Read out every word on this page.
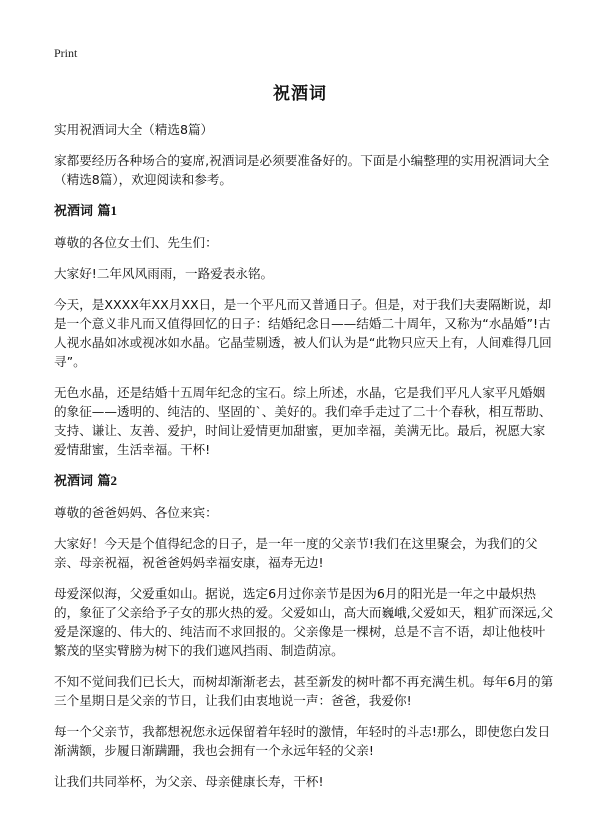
Print
祝酒词

实用祝酒词大全（精选8篇）

家都要经历各种场合的宴席,祝酒词是必须要准备好的。下面是小编整理的实用祝酒词大全（精选8篇），欢迎阅读和参考。

祝酒词 篇1

尊敬的各位女士们、先生们：

大家好!二年风风雨雨，一路爱表永铭。

今天，是XXXX年XX月XX日，是一个平凡而又普通日子。但是，对于我们夫妻隔断说，却是一个意义非凡而又值得回忆的日子：结婚纪念日——结婚二十周年，又称为“水晶婚”!古人视水晶如冰或视冰如水晶。它晶莹剔透，被人们认为是“此物只应天上有，人间难得几回寻”。

无色水晶，还是结婚十五周年纪念的宝石。综上所述，水晶，它是我们平凡人家平凡婚姻的象征——透明的、纯洁的、坚固的`、美好的。我们牵手走过了二十个春秋，相互帮助、支持、谦让、友善、爱护，时间让爱情更加甜蜜，更加幸福，美满无比。最后，祝愿大家爱情甜蜜，生活幸福。干杯!

祝酒词 篇2

尊敬的爸爸妈妈、各位来宾：

大家好！今天是个值得纪念的日子，是一年一度的父亲节!我们在这里聚会，为我们的父亲、母亲祝福，祝爸爸妈妈幸福安康，福寿无边!

母爱深似海，父爱重如山。据说，选定6月过你亲节是因为6月的阳光是一年之中最炽热的，象征了父亲给予子女的那火热的爱。父爱如山，高大而巍峨,父爱如天，粗犷而深远,父爱是深邃的、伟大的、纯洁而不求回报的。父亲像是一棵树，总是不言不语，却让他枝叶繁茂的坚实臂膀为树下的我们遮风挡雨、制造荫凉。

不知不觉间我们已长大，而树却渐渐老去，甚至新发的树叶都不再充满生机。每年6月的第三个星期日是父亲的节日，让我们由衷地说一声：爸爸，我爱你!

每一个父亲节，我都想祝您永远保留着年轻时的激情，年轻时的斗志!那么，即使您白发日渐满额，步履日渐蹒跚，我也会拥有一个永远年轻的父亲!

让我们共同举杯，为父亲、母亲健康长寿，干杯!
